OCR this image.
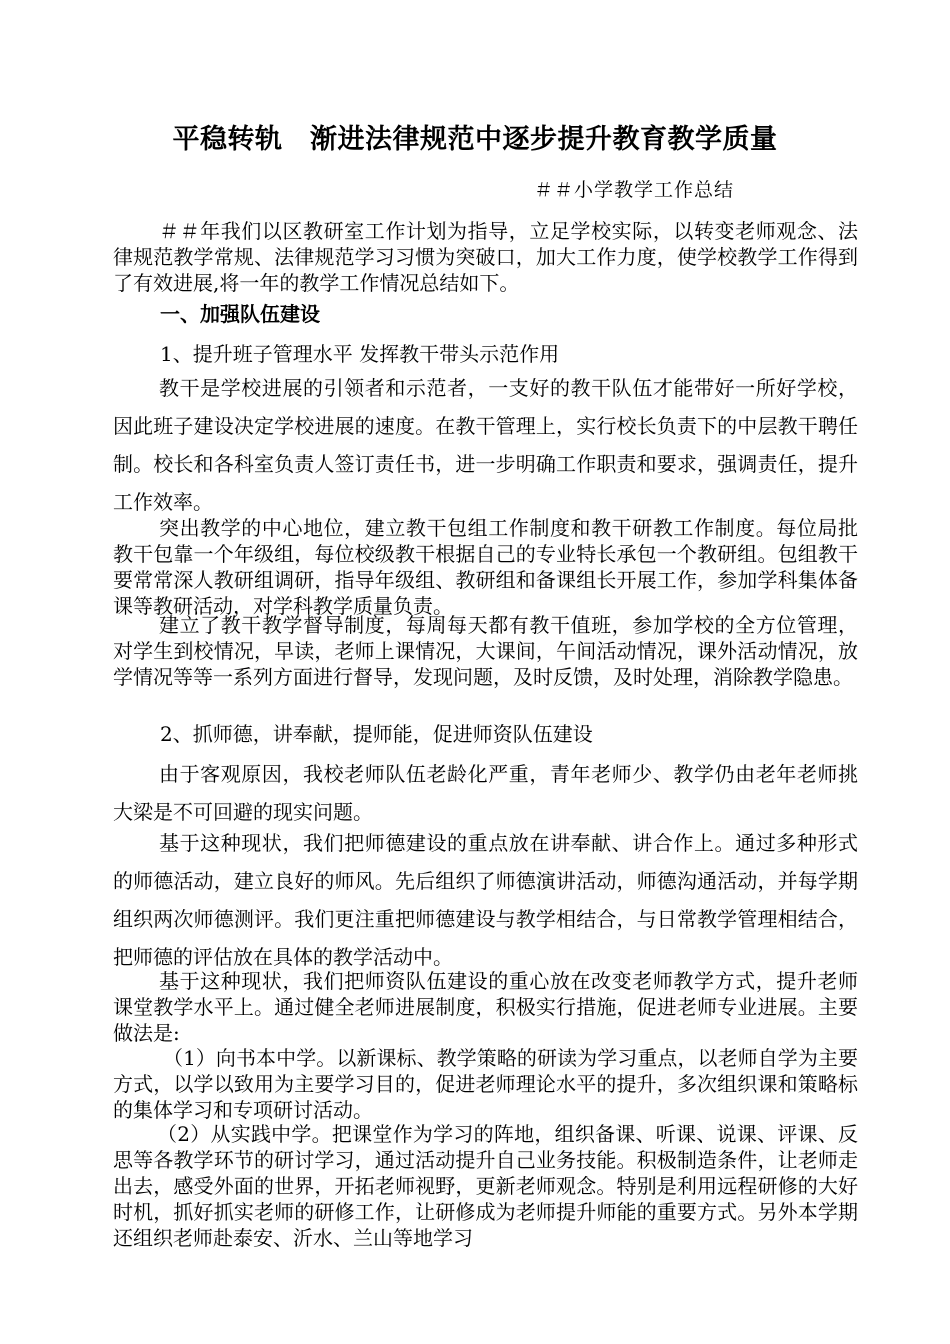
平稳转轨　渐进法律规范中逐步提升教育教学质量
＃＃小学教学工作总结
＃＃年我们以区教研室工作计划为指导，立足学校实际，以转变老师观念、法律规范教学常规、法律规范学习习惯为突破口，加大工作力度，使学校教学工作得到了有效进展,将一年的教学工作情况总结如下。
一、加强队伍建设
1、提升班子管理水平 发挥教干带头示范作用
教干是学校进展的引领者和示范者，一支好的教干队伍才能带好一所好学校，因此班子建设决定学校进展的速度。在教干管理上，实行校长负责下的中层教干聘任制。校长和各科室负责人签订责任书，进一步明确工作职责和要求，强调责任，提升工作效率。
突出教学的中心地位，建立教干包组工作制度和教干研教工作制度。每位局批教干包靠一个年级组，每位校级教干根据自己的专业特长承包一个教研组。包组教干要常常深人教研组调研，指导年级组、教研组和备课组长开展工作，参加学科集体备课等教研活动，对学科教学质量负责。
建立了教干教学督导制度，每周每天都有教干值班，参加学校的全方位管理，对学生到校情况，早读，老师上课情况，大课间，午间活动情况，课外活动情况，放学情况等等一系列方面进行督导，发现问题，及时反馈，及时处理，消除教学隐患。
2、抓师德，讲奉献，提师能，促进师资队伍建设
由于客观原因，我校老师队伍老龄化严重，青年老师少、教学仍由老年老师挑大梁是不可回避的现实问题。
基于这种现状，我们把师德建设的重点放在讲奉献、讲合作上。通过多种形式的师德活动，建立良好的师风。先后组织了师德演讲活动，师德沟通活动，并每学期组织两次师德测评。我们更注重把师德建设与教学相结合，与日常教学管理相结合，把师德的评估放在具体的教学活动中。
基于这种现状，我们把师资队伍建设的重心放在改变老师教学方式，提升老师课堂教学水平上。通过健全老师进展制度，积极实行措施，促进老师专业进展。主要做法是:
（1）向书本中学。以新课标、教学策略的研读为学习重点，以老师自学为主要方式，以学以致用为主要学习目的，促进老师理论水平的提升，多次组织课和策略标的集体学习和专项研讨活动。
（2）从实践中学。把课堂作为学习的阵地，组织备课、听课、说课、评课、反思等各教学环节的研讨学习，通过活动提升自己业务技能。积极制造条件，让老师走出去，感受外面的世界，开拓老师视野，更新老师观念。特别是利用远程研修的大好时机，抓好抓实老师的研修工作，让研修成为老师提升师能的重要方式。另外本学期还组织老师赴泰安、沂水、兰山等地学习
